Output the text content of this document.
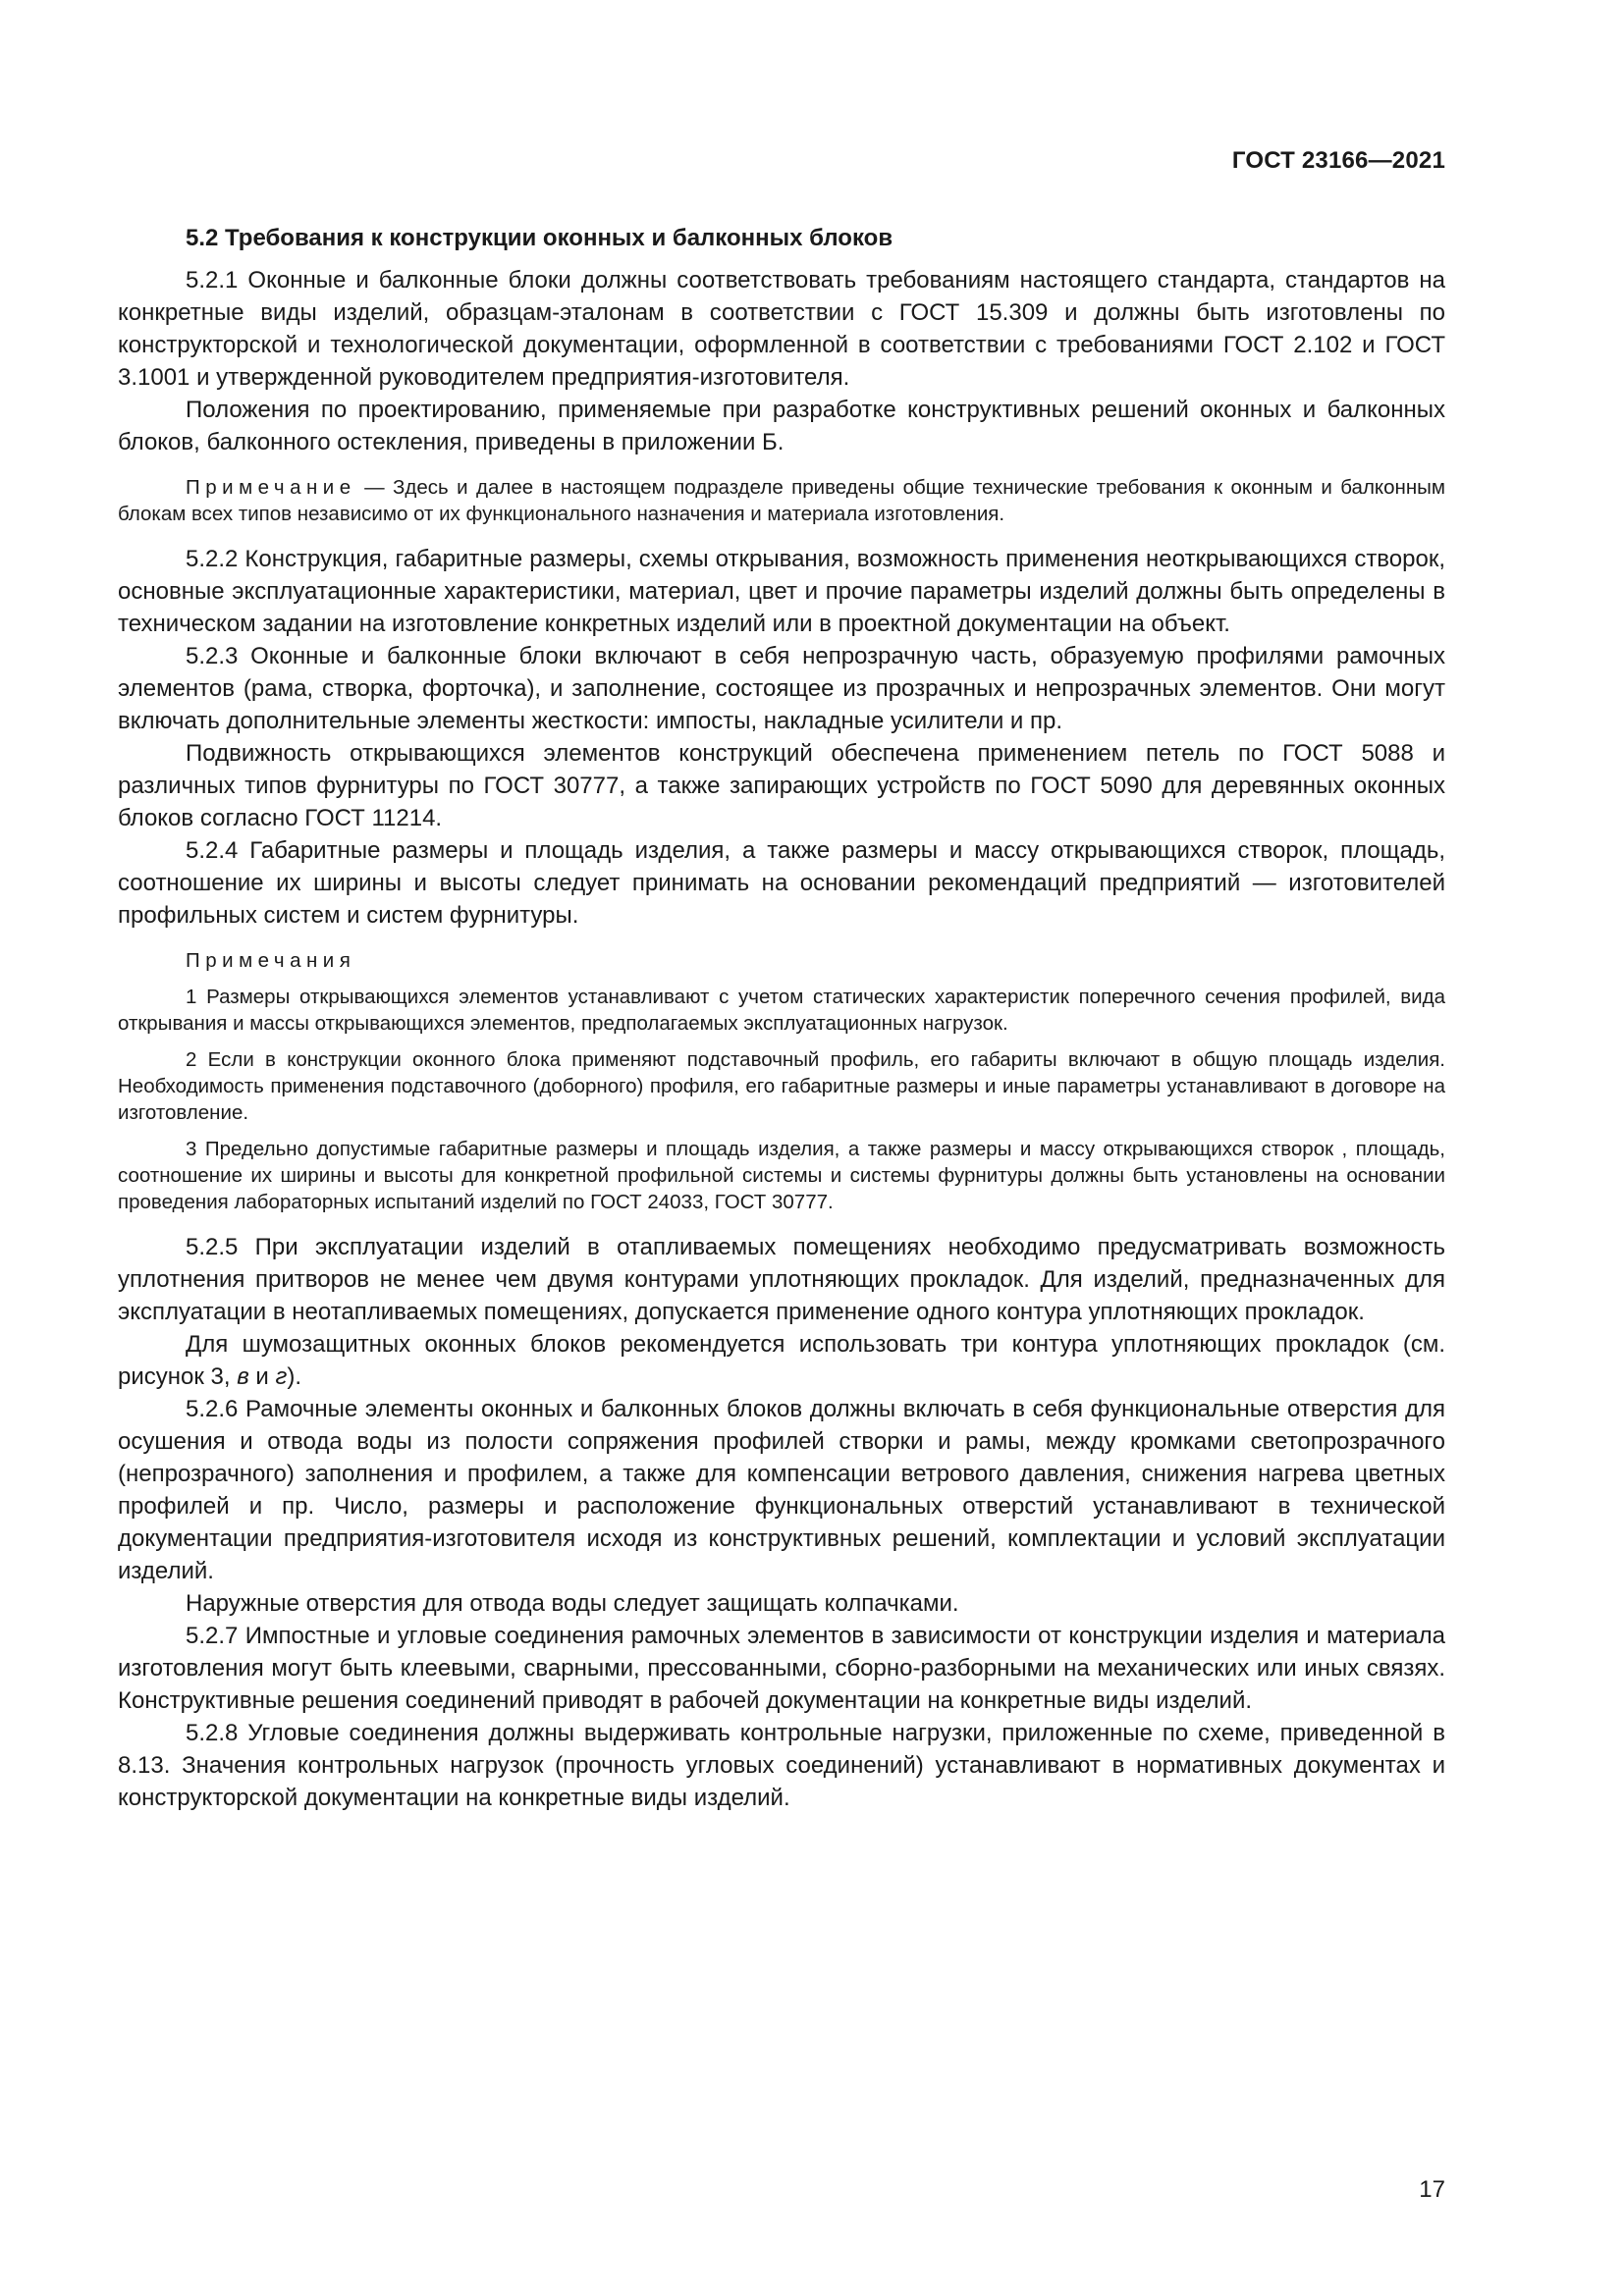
ГОСТ 23166—2021
5.2 Требования к конструкции оконных и балконных блоков

5.2.1 Оконные и балконные блоки должны соответствовать требованиям настоящего стандарта, стандартов на конкретные виды изделий, образцам-эталонам в соответствии с ГОСТ 15.309 и должны быть изготовлены по конструкторской и технологической документации, оформленной в соответствии с требованиями ГОСТ 2.102 и ГОСТ 3.1001 и утвержденной руководителем предприятия-изготовителя.

Положения по проектированию, применяемые при разработке конструктивных решений оконных и балконных блоков, балконного остекления, приведены в приложении Б.

Примечание — Здесь и далее в настоящем подразделе приведены общие технические требования к оконным и балконным блокам всех типов независимо от их функционального назначения и материала изготовления.

5.2.2 Конструкция, габаритные размеры, схемы открывания, возможность применения неоткрывающихся створок, основные эксплуатационные характеристики, материал, цвет и прочие параметры изделий должны быть определены в техническом задании на изготовление конкретных изделий или в проектной документации на объект.

5.2.3 Оконные и балконные блоки включают в себя непрозрачную часть, образуемую профилями рамочных элементов (рама, створка, форточка), и заполнение, состоящее из прозрачных и непрозрачных элементов. Они могут включать дополнительные элементы жесткости: импосты, накладные усилители и пр.

Подвижность открывающихся элементов конструкций обеспечена применением петель по ГОСТ 5088 и различных типов фурнитуры по ГОСТ 30777, а также запирающих устройств по ГОСТ 5090 для деревянных оконных блоков согласно ГОСТ 11214.

5.2.4 Габаритные размеры и площадь изделия, а также размеры и массу открывающихся створок, площадь, соотношение их ширины и высоты следует принимать на основании рекомендаций предприятий — изготовителей профильных систем и систем фурнитуры.

Примечания
1 Размеры открывающихся элементов устанавливают с учетом статических характеристик поперечного сечения профилей, вида открывания и массы открывающихся элементов, предполагаемых эксплуатационных нагрузок.
2 Если в конструкции оконного блока применяют подставочный профиль, его габариты включают в общую площадь изделия. Необходимость применения подставочного (доборного) профиля, его габаритные размеры и иные параметры устанавливают в договоре на изготовление.
3 Предельно допустимые габаритные размеры и площадь изделия, а также размеры и массу открывающихся створок , площадь, соотношение их ширины и высоты для конкретной профильной системы и системы фурнитуры должны быть установлены на основании проведения лабораторных испытаний изделий по ГОСТ 24033, ГОСТ 30777.

5.2.5 При эксплуатации изделий в отапливаемых помещениях необходимо предусматривать возможность уплотнения притворов не менее чем двумя контурами уплотняющих прокладок. Для изделий, предназначенных для эксплуатации в неотапливаемых помещениях, допускается применение одного контура уплотняющих прокладок.

Для шумозащитных оконных блоков рекомендуется использовать три контура уплотняющих прокладок (см. рисунок 3, в и г).

5.2.6 Рамочные элементы оконных и балконных блоков должны включать в себя функциональные отверстия для осушения и отвода воды из полости сопряжения профилей створки и рамы, между кромками светопрозрачного (непрозрачного) заполнения и профилем, а также для компенсации ветрового давления, снижения нагрева цветных профилей и пр. Число, размеры и расположение функциональных отверстий устанавливают в технической документации предприятия-изготовителя исходя из конструктивных решений, комплектации и условий эксплуатации изделий.

Наружные отверстия для отвода воды следует защищать колпачками.

5.2.7 Импостные и угловые соединения рамочных элементов в зависимости от конструкции изделия и материала изготовления могут быть клеевыми, сварными, прессованными, сборно-разборными на механических или иных связях. Конструктивные решения соединений приводят в рабочей документации на конкретные виды изделий.

5.2.8 Угловые соединения должны выдерживать контрольные нагрузки, приложенные по схеме, приведенной в 8.13. Значения контрольных нагрузок (прочность угловых соединений) устанавливают в нормативных документах и конструкторской документации на конкретные виды изделий.

17
